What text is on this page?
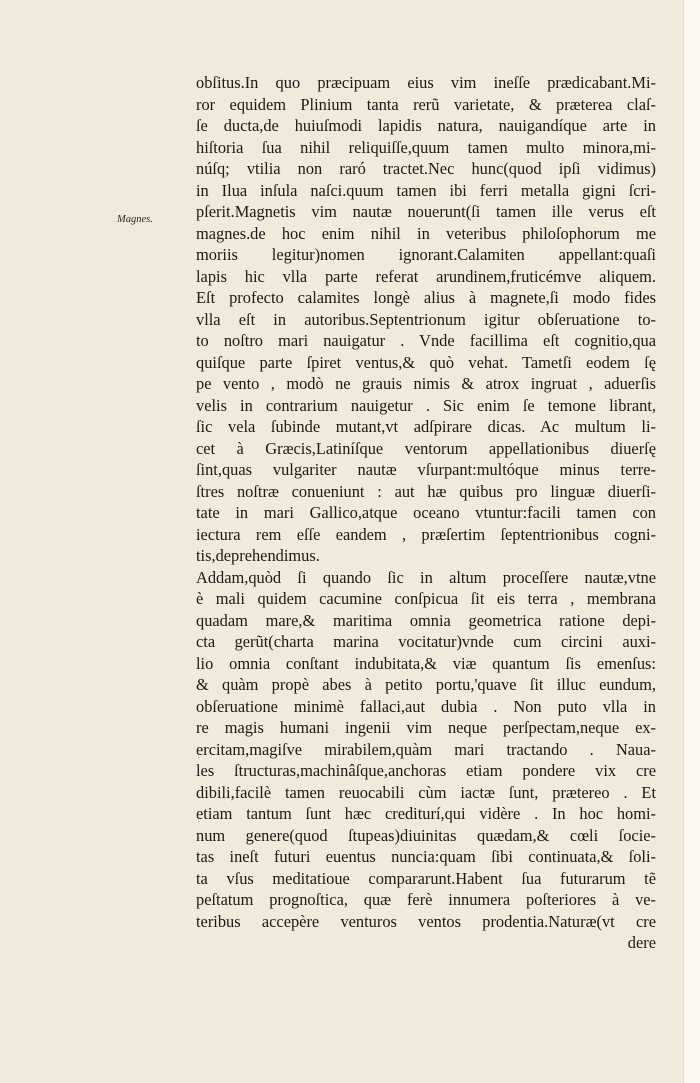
Magnes.
obſitus.In quo præcipuam eius vim ineſſe prædicabant.Mi-
ror equidem Plinium tanta rerũ varietate, & præterea claſ-
ſe ducta,de huiuſmodi lapidis natura, nauigandíque arte in
hiſtoria ſua nihil reliquiſſe,quum tamen multo minora,mi-
núſq; vtilia non raró tractet.Nec hunc(quod ipſi vidimus)
in Ilua inſula naſci.quum tamen ibi ferri metalla gigni ſcri-
pſerit.Magnetis vim nautæ nouerunt(ſi tamen ille verus eſt
magnes.de hoc enim nihil in veteribus philoſophorum me
moriis legitur)nomen ignorant.Calamiten appellant:quaſi
lapis hic vlla parte referat arundinem,fruticémve aliquem.
Eſt profecto calamites longè alius à magnete,ſi modo fides
vlla eſt in autoribus.Septentrionum igitur obſeruatione to-
to noſtro mari nauigatur . Vnde facillima eſt cognitio,qua
quiſque parte ſpiret ventus,& quò vehat. Tametſi eodem ſę
pe vento , modò ne grauis nimis & atrox ingruat , aduerſis
velis in contrarium nauigetur . Sic enim ſe temone librant,
ſic vela ſubinde mutant,vt adſpirare dicas. Ac multum li-
cet à Græcis,Latiníſque ventorum appellationibus diuerſę
ſint,quas vulgariter nautæ vſurpant:multóque minus terre-
ſtres noſtræ conueniunt : aut hæ quibus pro linguæ diuerſi-
tate in mari Gallico,atque oceano vtuntur:facili tamen con
iectura rem eſſe eandem , præſertim ſeptentrionibus cogni-
tis,deprehendimus.
Addam,quòd ſi quando ſic in altum proceſſere nautæ,vtne
è mali quidem cacumine conſpicua ſit eis terra , membrana
quadam mare,& maritima omnia geometrica ratione depi-
cta gerũt(charta marina vocitatur)vnde cum circini auxi-
lio omnia conſtant indubitata,& viæ quantum ſis emenſus:
& quàm propè abes à petito portu,'quave ſit illuc eundum,
obſeruatione minimè fallaci,aut dubia . Non puto vlla in
re magis humani ingenii vim neque perſpectam,neque ex-
ercitam,magiſve mirabilem,quàm mari tractando . Naua-
les ſtructuras,machinâſque,anchoras etiam pondere vix cre
dibili,facilè tamen reuocabili cùm iactæ ſunt, prætereo . Et
etiam tantum ſunt hæc crediturí,qui vidère . In hoc homi-
num genere(quod ſtupeas)diuinitas quædam,& cœli ſocie-
tas ineſt futuri euentus nuncia:quam ſibi continuata,& ſoli-
ta vſus meditatioue compararunt.Habent ſua futurarum tẽ
peſtatum prognoſtica, quæ ferè innumera poſteriores à ve-
teribus accepère venturos ventos prodentia.Naturæ(vt cre
dere
